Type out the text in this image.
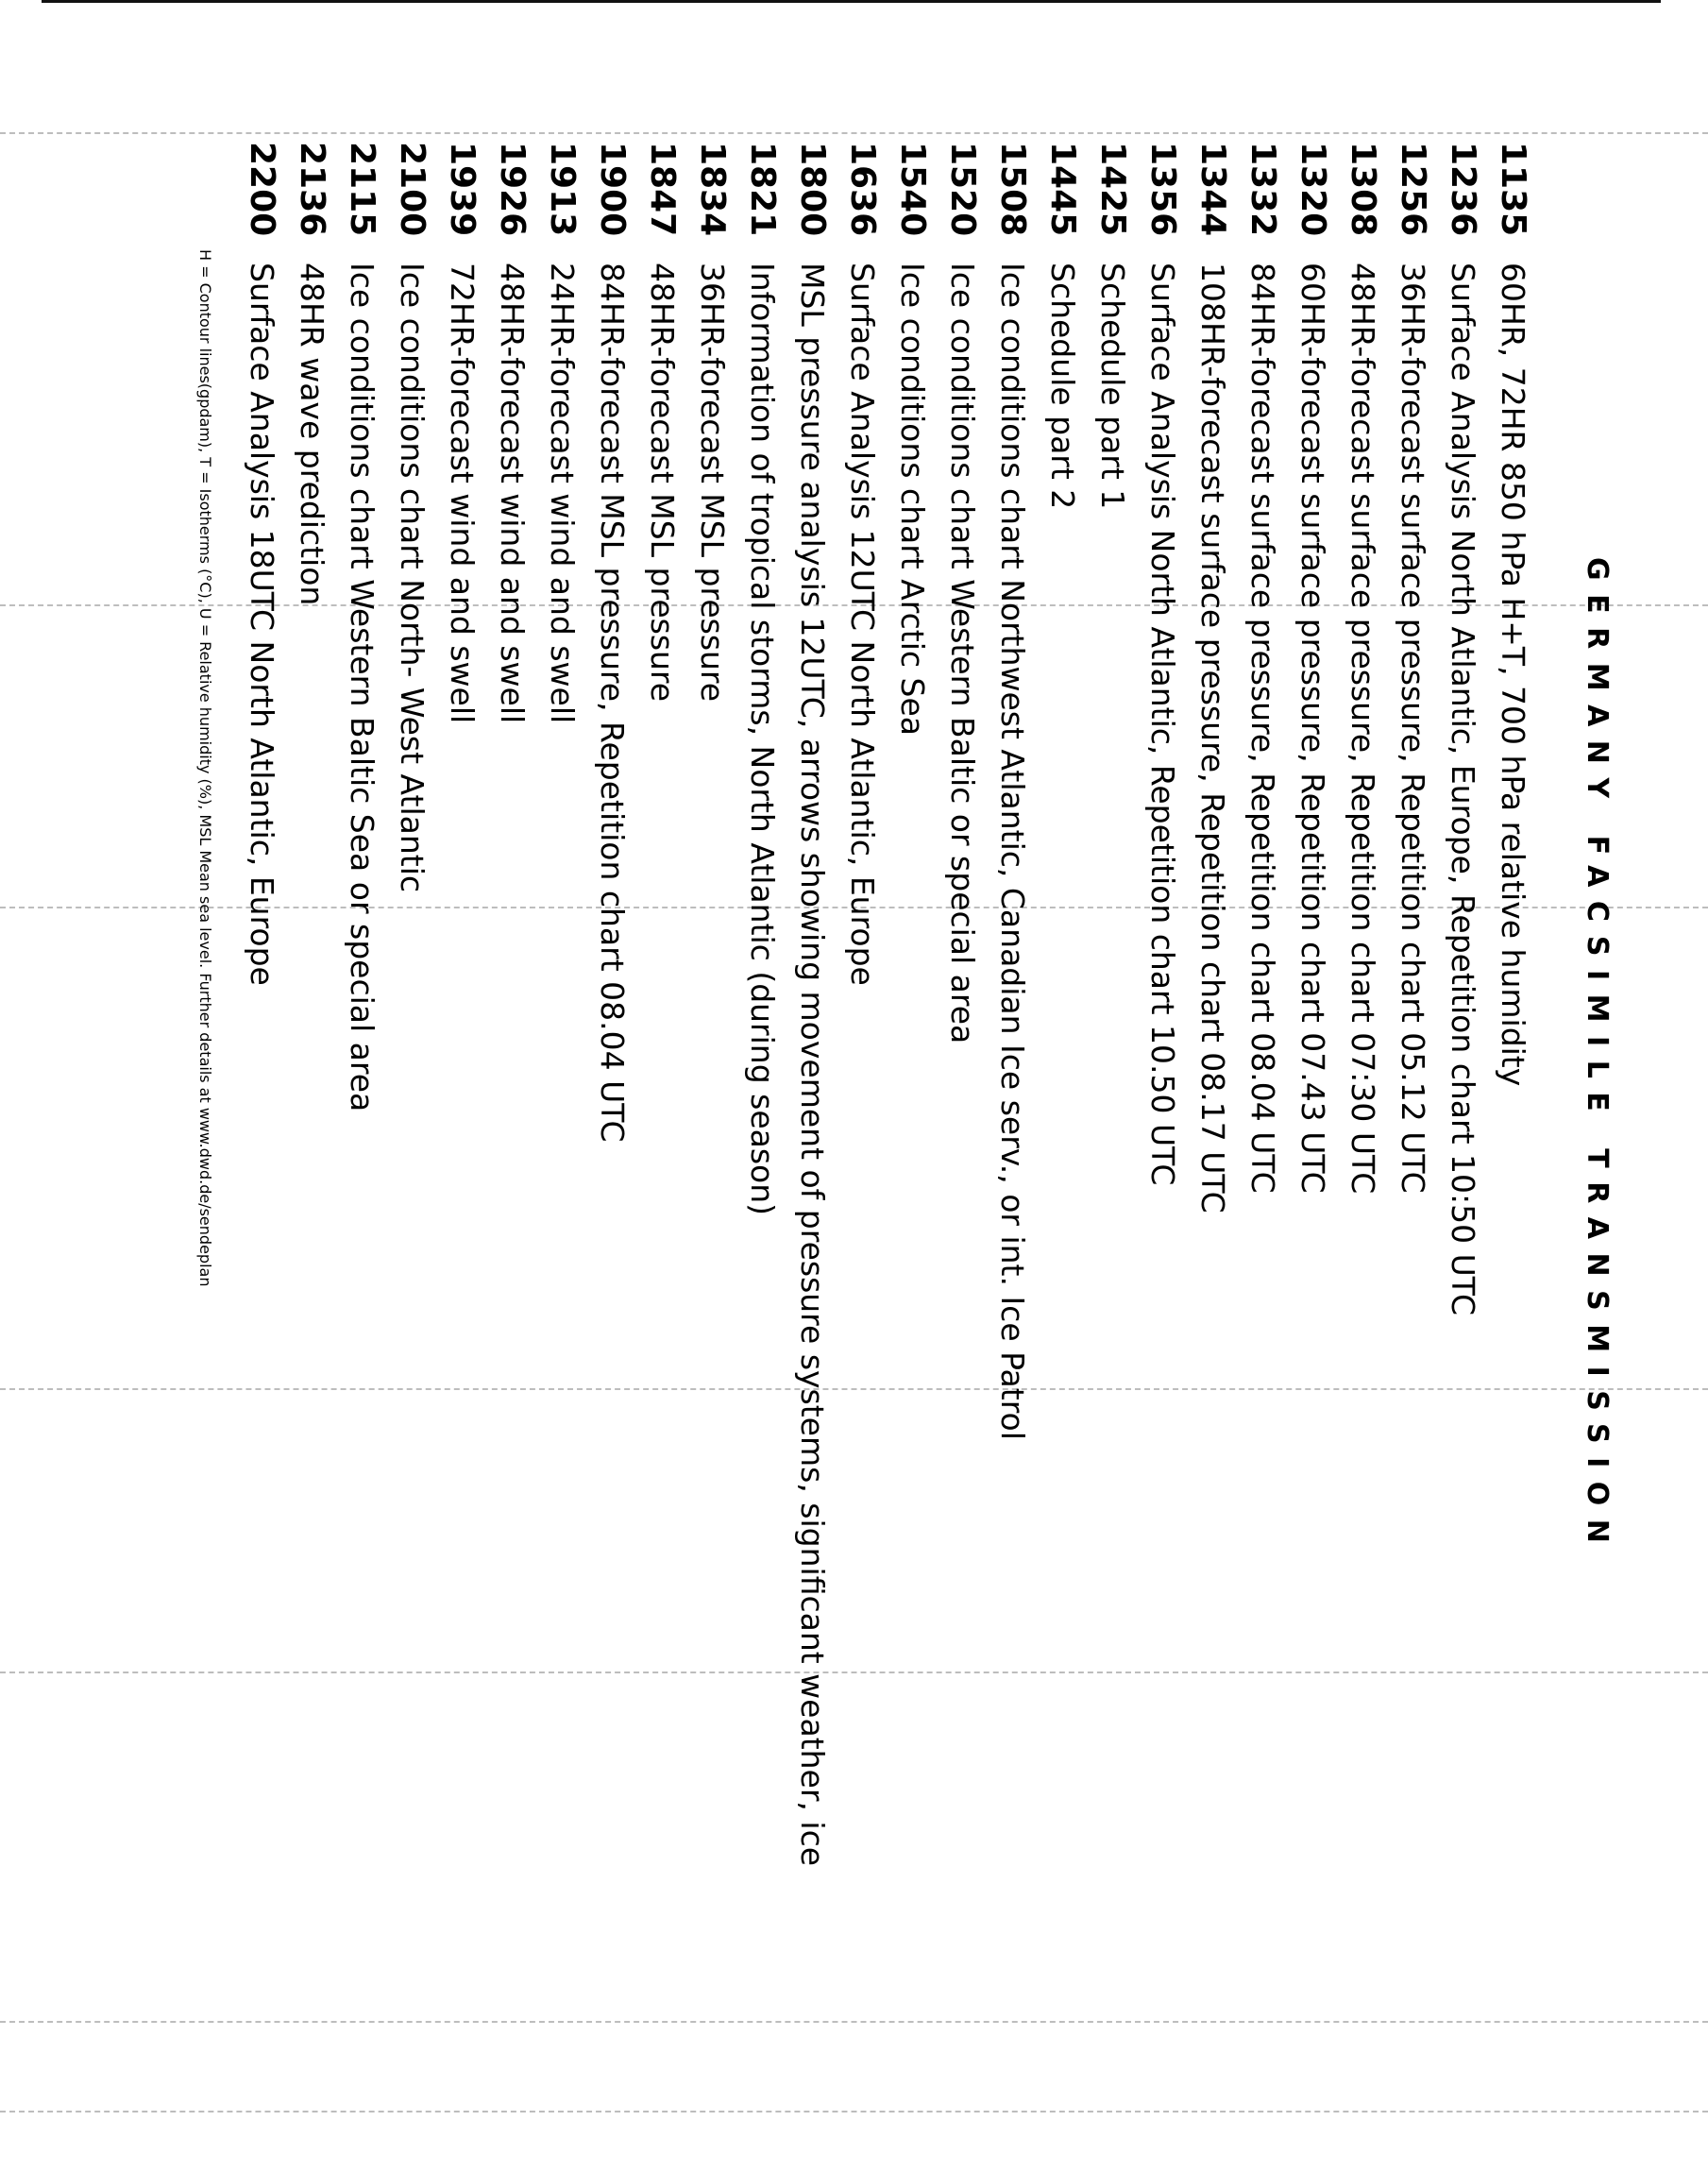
GERMANY FACSIMILE TRANSMISSION
1135
60HR, 72HR 850 hPa H+T, 700 hPa relative humidity
1236
Surface Analysis North Atlantic, Europe, Repetition chart 10:50 UTC
1256
36HR-forecast surface pressure, Repetition chart 05.12 UTC
1308
48HR-forecast surface pressure, Repetition chart 07:30 UTC
1320
60HR-forecast surface pressure, Repetition chart 07.43 UTC
1332
84HR-forecast surface pressure, Repetition chart 08.04 UTC
1344
108HR-forecast surface pressure, Repetition chart 08.17 UTC
1356
Surface Analysis North Atlantic, Repetition chart 10.50 UTC
1425
Schedule part 1
1445
Schedule part 2
1508
Ice conditions chart Northwest Atlantic, Canadian Ice serv., or int. Ice Patrol
1520
Ice conditions chart Western Baltic or special area
1540
Ice conditions chart Arctic Sea
1636
Surface Analysis 12UTC North Atlantic, Europe
1800
MSL pressure analysis 12UTC, arrows showing movement of pressure systems, significant weather, ice
1821
Information of tropical storms, North Atlantic (during season)
1834
36HR-forecast MSL pressure
1847
48HR-forecast MSL pressure
1900
84HR-forecast MSL pressure, Repetition chart 08.04 UTC
1913
24HR-forecast wind and swell
1926
48HR-forecast wind and swell
1939
72HR-forecast wind and swell
2100
Ice conditions chart North- West Atlantic
2115
Ice conditions chart Western Baltic Sea or special area
2136
48HR wave prediction
2200
Surface Analysis 18UTC North Atlantic, Europe
H = Contour lines(gpdam), T = Isotherms (°C), U = Relative humidity (%), MSL Mean sea level. Further details at www.dwd.de/sendeplan
